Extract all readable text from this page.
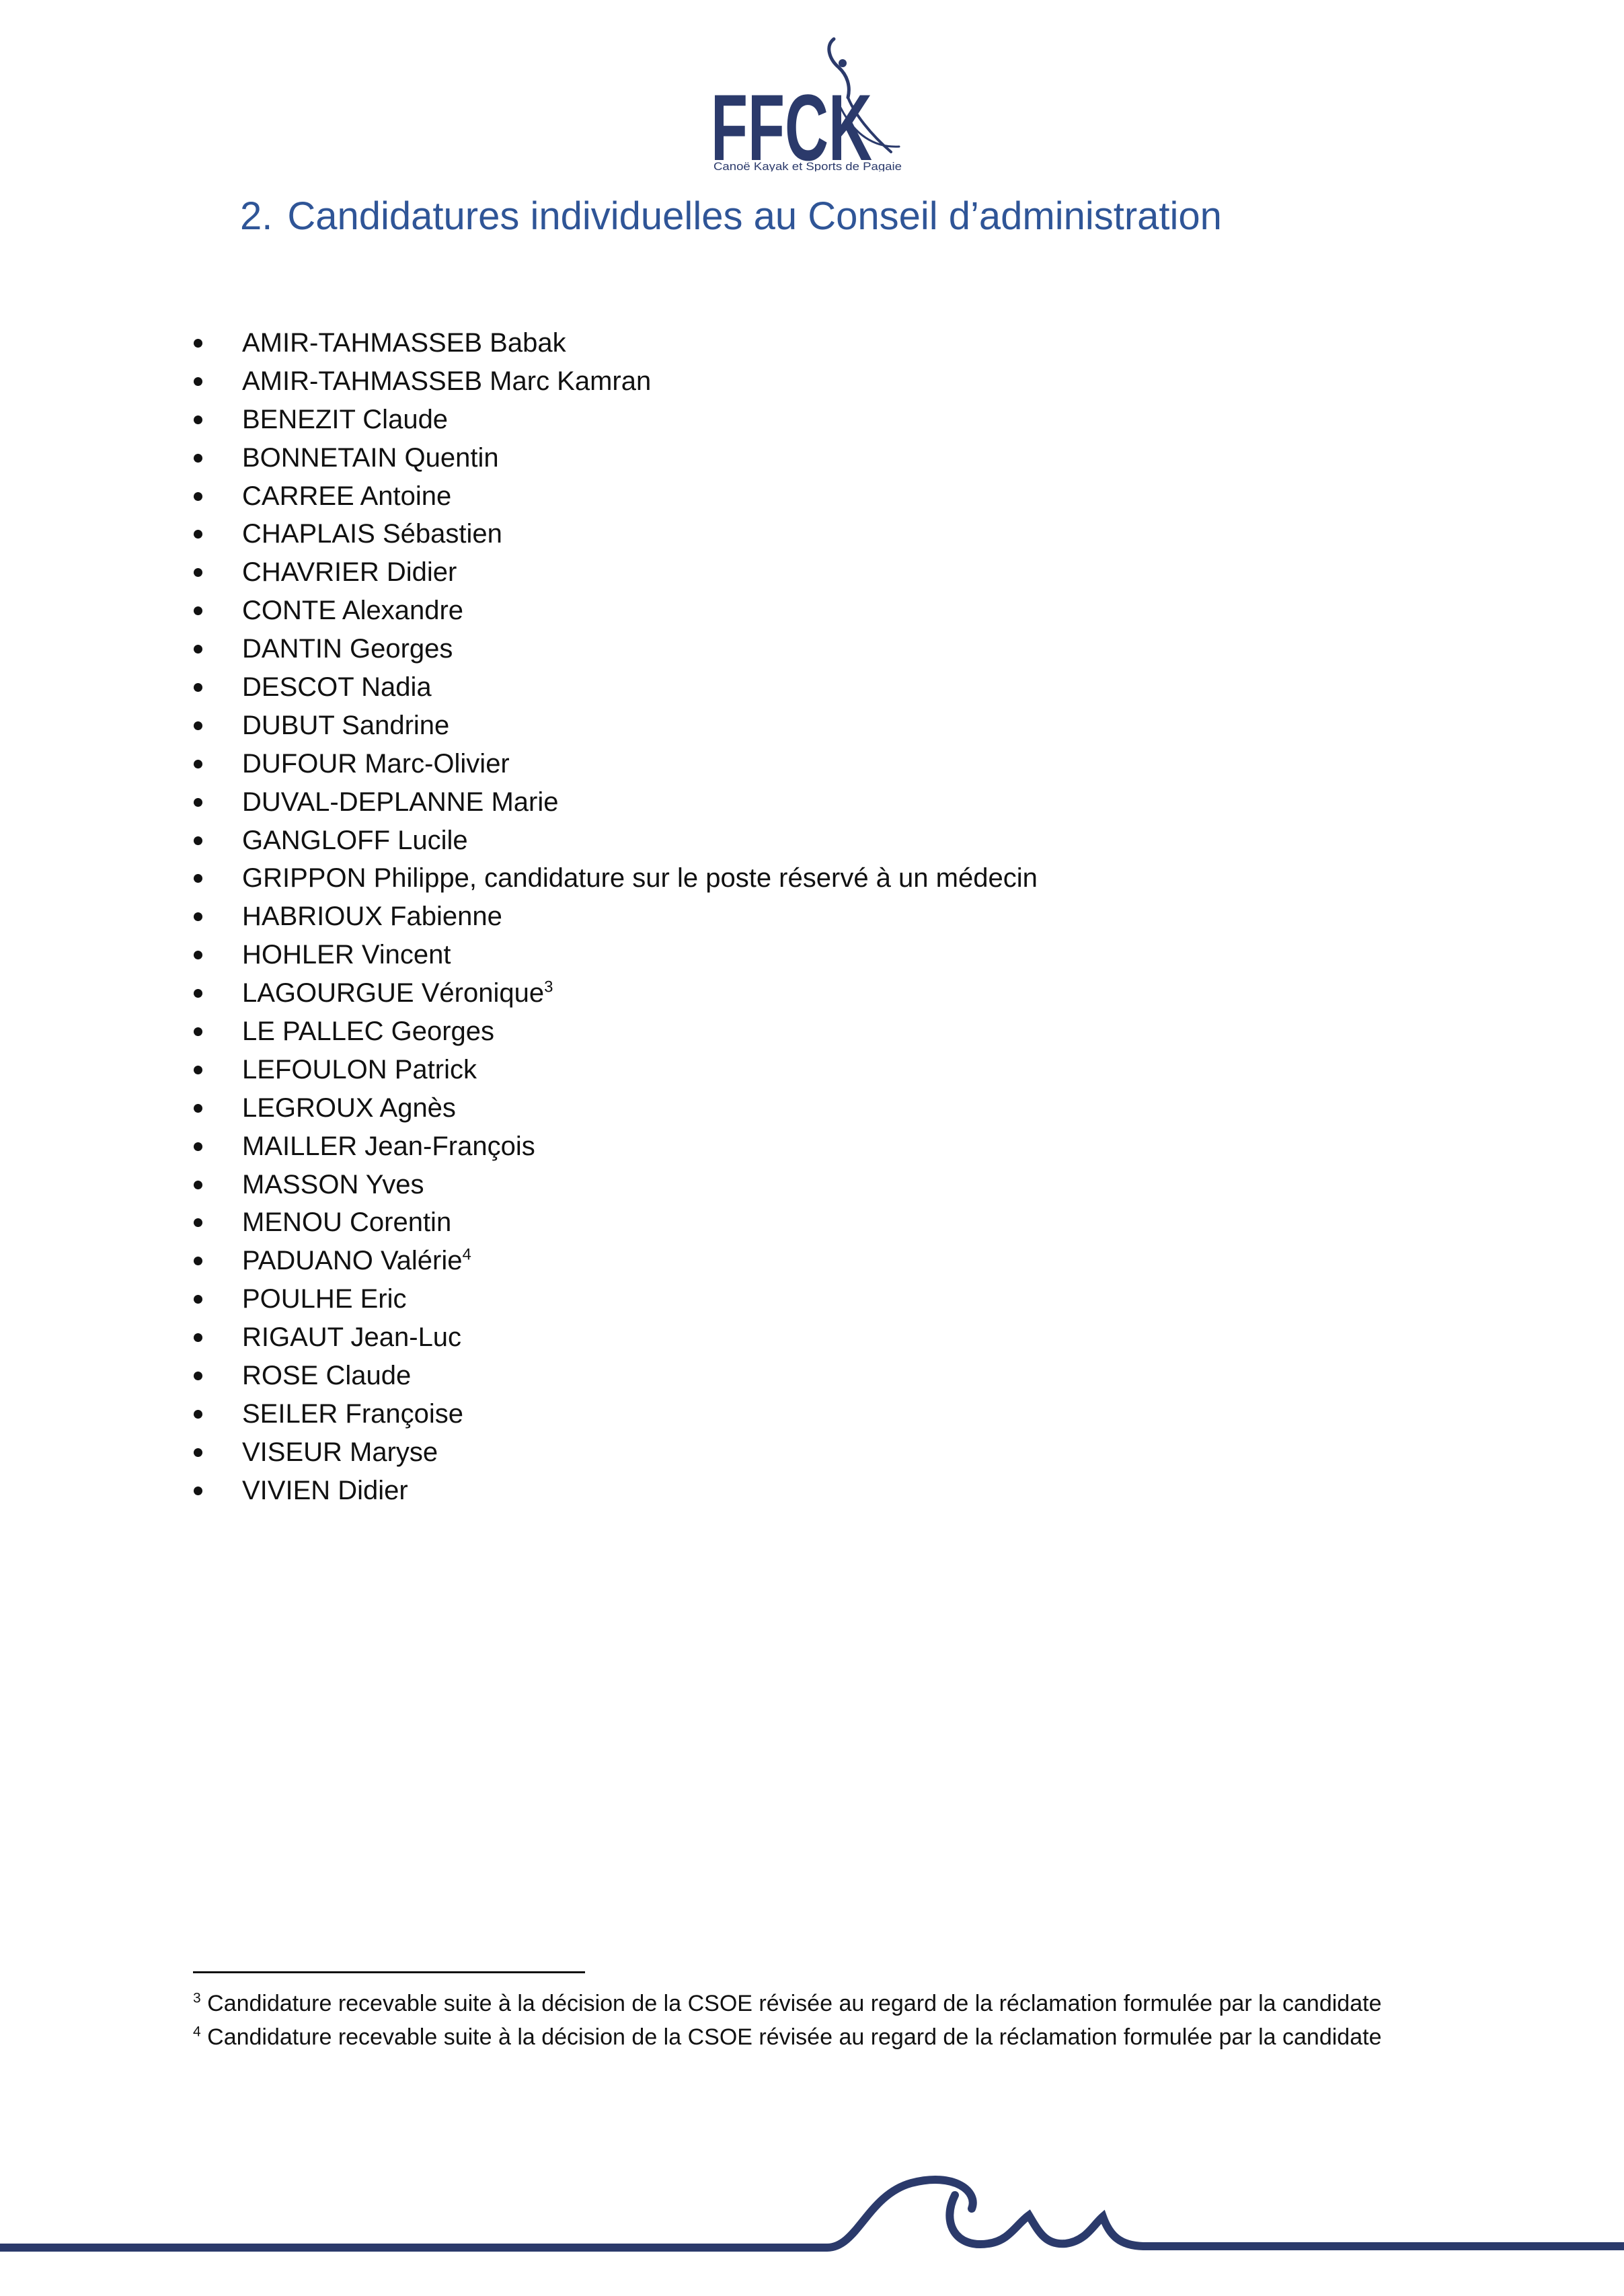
FFCK
Canoë Kayak et Sports de Pagaie
2. Candidatures individuelles au Conseil d’administration
AMIR-TAHMASSEB Babak
AMIR-TAHMASSEB Marc Kamran
BENEZIT Claude
BONNETAIN Quentin
CARREE Antoine
CHAPLAIS Sébastien
CHAVRIER Didier
CONTE Alexandre
DANTIN Georges
DESCOT Nadia
DUBUT Sandrine
DUFOUR Marc-Olivier
DUVAL-DEPLANNE Marie
GANGLOFF Lucile
GRIPPON Philippe, candidature sur le poste réservé à un médecin
HABRIOUX Fabienne
HOHLER Vincent
LAGOURGUE Véronique$^3$
LE PALLEC Georges
LEFOULON Patrick
LEGROUX Agnès
MAILLER Jean-François
MASSON Yves
MENOU Corentin
PADUANO Valérie$^4$
POULHE Eric
RIGAUT Jean-Luc
ROSE Claude
SEILER Françoise
VISEUR Maryse
VIVIEN Didier

$^3$ Candidature recevable suite à la décision de la CSOE révisée au regard de la réclamation formulée par la candidate

$^4$ Candidature recevable suite à la décision de la CSOE révisée au regard de la réclamation formulée par la candidate
